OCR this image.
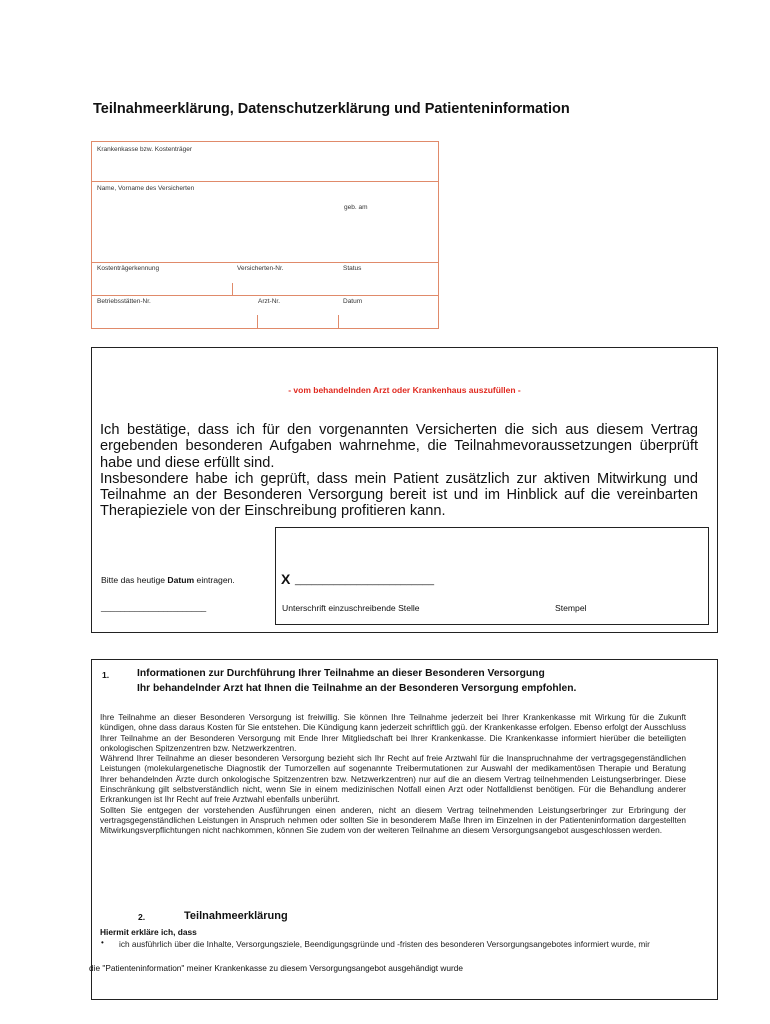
Teilnahmeerklärung, Datenschutzerklärung und Patienteninformation
Krankenkasse bzw. Kostenträger
Name, Vorname des Versicherten
geb. am
Kostenträgerkennung	Versicherten-Nr.	Status
Betriebsstätten-Nr.	Arzt-Nr.	Datum
- vom behandelnden Arzt oder Krankenhaus auszufüllen -

Ich bestätige, dass ich für den vorgenannten Versicherten die sich aus diesem Vertrag ergebenden besonderen Aufgaben wahrnehme, die Teilnahmevoraussetzungen überprüft habe und diese erfüllt sind.

Insbesondere habe ich geprüft, dass mein Patient zusätzlich zur aktiven Mitwirkung und Teilnahme an der Besonderen Versorgung bereit ist und im Hinblick auf die vereinbarten Therapieziele von der Einschreibung profitieren kann.

Bitte das heutige Datum eintragen.
______________________
X _________________________
Unterschrift einzuschreibende Stelle	Stempel
1.	Informationen zur Durchführung Ihrer Teilnahme an dieser Besonderen Versorgung
Ihr behandelnder Arzt hat Ihnen die Teilnahme an der Besonderen Versorgung empfohlen.

Ihre Teilnahme an dieser Besonderen Versorgung ist freiwillig. Sie können Ihre Teilnahme jederzeit bei Ihrer Krankenkasse mit Wirkung für die Zukunft kündigen, ohne dass daraus Kosten für Sie entstehen. Die Kündigung kann jederzeit schriftlich ggü. der Krankenkasse erfolgen. Ebenso erfolgt der Ausschluss Ihrer Teilnahme an der Besonderen Versorgung mit Ende Ihrer Mitgliedschaft bei Ihrer Krankenkasse. Die Krankenkasse informiert hierüber die beteiligten onkologischen Spitzenzentren bzw. Netzwerkzentren.

Während Ihrer Teilnahme an dieser besonderen Versorgung bezieht sich Ihr Recht auf freie Arztwahl für die Inanspruchnahme der vertragsgegenständlichen Leistungen (molekulargenetische Diagnostik der Tumorzellen auf sogenannte Treibermutationen zur Auswahl der medikamentösen Therapie und Beratung Ihrer behandelnden Ärzte durch onkologische Spitzenzentren bzw. Netzwerkzentren) nur auf die an diesem Vertrag teilnehmenden Leistungserbringer. Diese Einschränkung gilt selbstverständlich nicht, wenn Sie in einem medizinischen Notfall einen Arzt oder Notfalldienst benötigen. Für die Behandlung anderer Erkrankungen ist Ihr Recht auf freie Arztwahl ebenfalls unberührt.

Sollten Sie entgegen der vorstehenden Ausführungen einen anderen, nicht an diesem Vertrag teilnehmenden Leistungserbringer zur Erbringung der vertragsgegenständlichen Leistungen in Anspruch nehmen oder sollten Sie in besonderem Maße Ihren im Einzelnen in der Patienteninformation dargestellten Mitwirkungsverpflichtungen nicht nachkommen, können Sie zudem von der weiteren Teilnahme an diesem Versorgungsangebot ausgeschlossen werden.

2.	Teilnahmeerklärung
Hiermit erkläre ich, dass
• ich ausführlich über die Inhalte, Versorgungsziele, Beendigungsgründe und -fristen des besonderen Versorgungsangebotes informiert wurde, mir
die "Patienteninformation" meiner Krankenkasse zu diesem Versorgungsangebot ausgehändigt wurde
